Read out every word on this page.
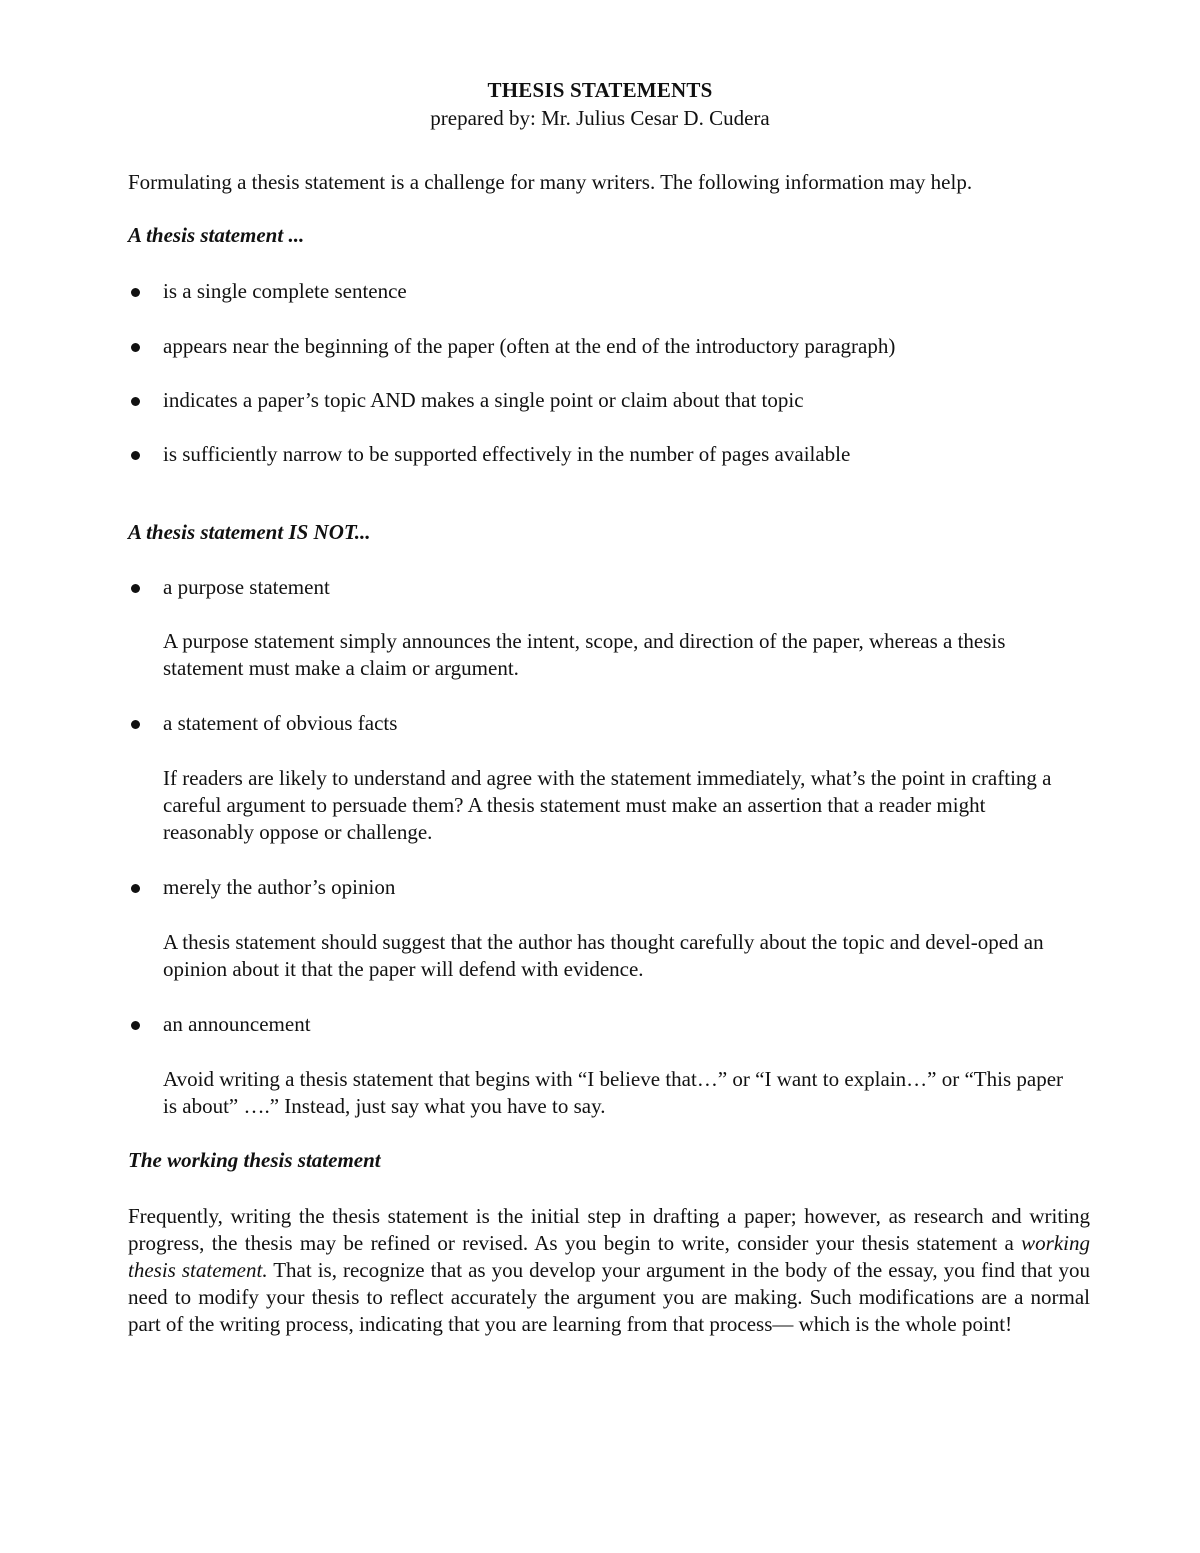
THESIS STATEMENTS
prepared by: Mr. Julius Cesar D. Cudera
Formulating a thesis statement is a challenge for many writers. The following information may help.
A thesis statement ...
is a single complete sentence
appears near the beginning of the paper (often at the end of the introductory paragraph)
indicates a paper’s topic AND makes a single point or claim about that topic
is sufficiently narrow to be supported effectively in the number of pages available
A thesis statement IS NOT...
a purpose statement
A purpose statement simply announces the intent, scope, and direction of the paper, whereas a thesis statement must make a claim or argument.
a statement of obvious facts
If readers are likely to understand and agree with the statement immediately, what’s the point in crafting a careful argument to persuade them? A thesis statement must make an assertion that a reader might reasonably oppose or challenge.
merely the author’s opinion
A thesis statement should suggest that the author has thought carefully about the topic and devel-oped an opinion about it that the paper will defend with evidence.
an announcement
Avoid writing a thesis statement that begins with “I believe that…” or “I want to explain…” or “This paper is about” ….” Instead, just say what you have to say.
The working thesis statement
Frequently, writing the thesis statement is the initial step in drafting a paper; however, as research and writing progress, the thesis may be refined or revised. As you begin to write, consider your thesis statement a working thesis statement. That is, recognize that as you develop your argument in the body of the essay, you find that you need to modify your thesis to reflect accurately the argument you are making. Such modifications are a normal part of the writing process, indicating that you are learning from that process— which is the whole point!
